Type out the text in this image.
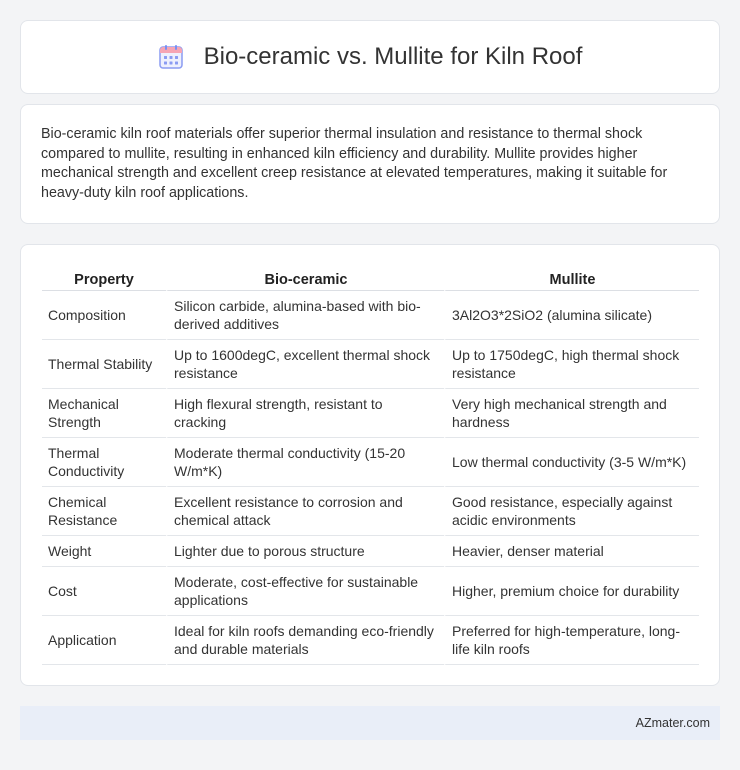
Bio-ceramic vs. Mullite for Kiln Roof

Bio-ceramic kiln roof materials offer superior thermal insulation and resistance to thermal shock compared to mullite, resulting in enhanced kiln efficiency and durability. Mullite provides higher mechanical strength and excellent creep resistance at elevated temperatures, making it suitable for heavy-duty kiln roof applications.

Property	Bio-ceramic	Mullite
Composition	Silicon carbide, alumina-based with bio-derived additives	3Al2O3*2SiO2 (alumina silicate)
Thermal Stability	Up to 1600degC, excellent thermal shock resistance	Up to 1750degC, high thermal shock resistance
Mechanical Strength	High flexural strength, resistant to cracking	Very high mechanical strength and hardness
Thermal Conductivity	Moderate thermal conductivity (15-20 W/m*K)	Low thermal conductivity (3-5 W/m*K)
Chemical Resistance	Excellent resistance to corrosion and chemical attack	Good resistance, especially against acidic environments
Weight	Lighter due to porous structure	Heavier, denser material
Cost	Moderate, cost-effective for sustainable applications	Higher, premium choice for durability
Application	Ideal for kiln roofs demanding eco-friendly and durable materials	Preferred for high-temperature, long-life kiln roofs
AZmater.com
